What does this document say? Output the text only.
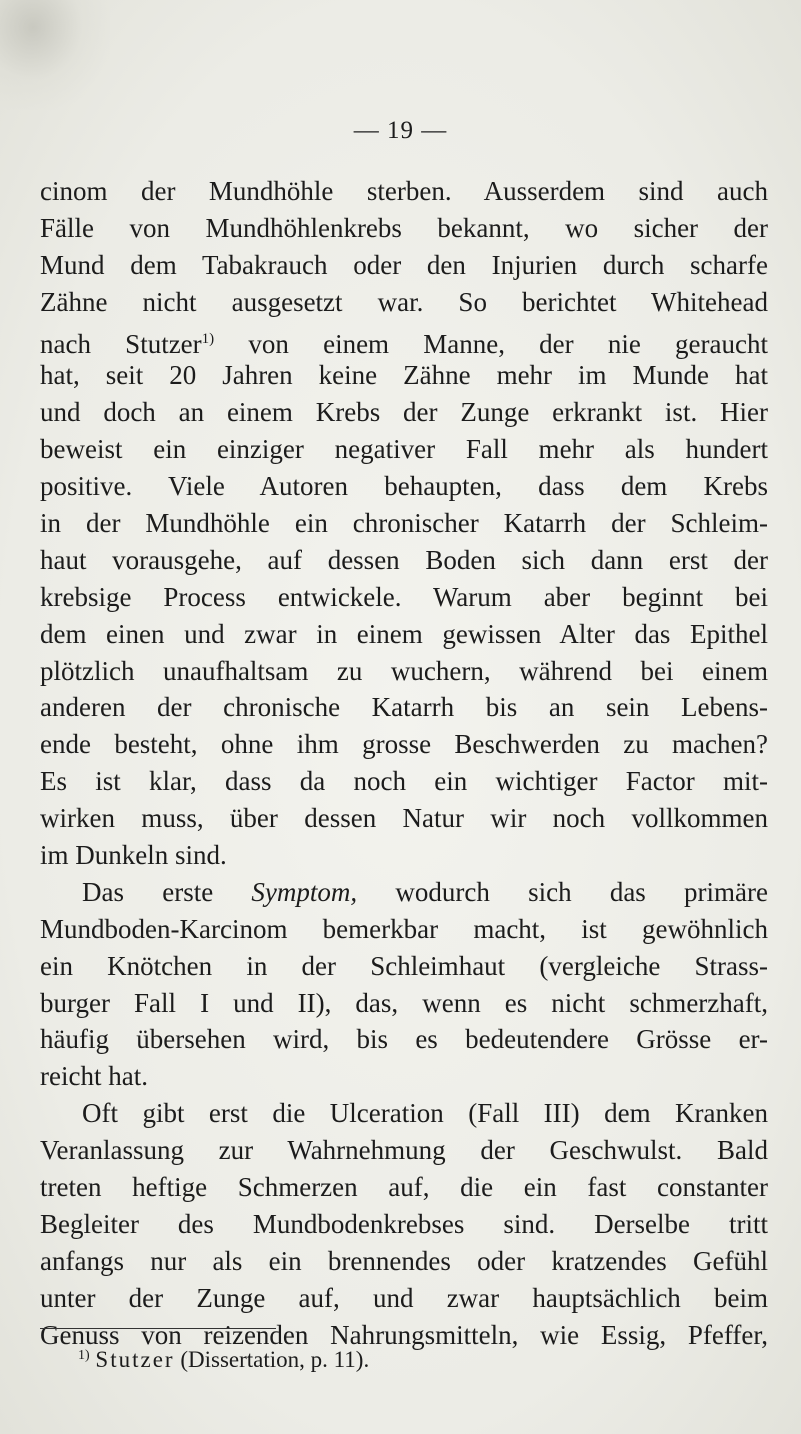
— 19 —
cinom der Mundhöhle sterben. Ausserdem sind auch
Fälle von Mundhöhlenkrebs bekannt, wo sicher der
Mund dem Tabakrauch oder den Injurien durch scharfe
Zähne nicht ausgesetzt war. So berichtet Whitehead
nach Stutzer$^{1)}$ von einem Manne, der nie geraucht
hat, seit 20 Jahren keine Zähne mehr im Munde hat
und doch an einem Krebs der Zunge erkrankt ist. Hier
beweist ein einziger negativer Fall mehr als hundert
positive. Viele Autoren behaupten, dass dem Krebs
in der Mundhöhle ein chronischer Katarrh der Schleim-
haut vorausgehe, auf dessen Boden sich dann erst der
krebsige Process entwickele. Warum aber beginnt bei
dem einen und zwar in einem gewissen Alter das Epithel
plötzlich unaufhaltsam zu wuchern, während bei einem
anderen der chronische Katarrh bis an sein Lebens-
ende besteht, ohne ihm grosse Beschwerden zu machen?
Es ist klar, dass da noch ein wichtiger Factor mit-
wirken muss, über dessen Natur wir noch vollkommen
im Dunkeln sind.
Das erste Symptom, wodurch sich das primäre
Mundboden-Karcinom bemerkbar macht, ist gewöhnlich
ein Knötchen in der Schleimhaut (vergleiche Strass-
burger Fall I und II), das, wenn es nicht schmerzhaft,
häufig übersehen wird, bis es bedeutendere Grösse er-
reicht hat.
Oft gibt erst die Ulceration (Fall III) dem Kranken
Veranlassung zur Wahrnehmung der Geschwulst. Bald
treten heftige Schmerzen auf, die ein fast constanter
Begleiter des Mundbodenkrebses sind. Derselbe tritt
anfangs nur als ein brennendes oder kratzendes Gefühl
unter der Zunge auf, und zwar hauptsächlich beim
Genuss von reizenden Nahrungsmitteln, wie Essig, Pfeffer,
$^{1)}$ Stutzer (Dissertation, p. 11).
